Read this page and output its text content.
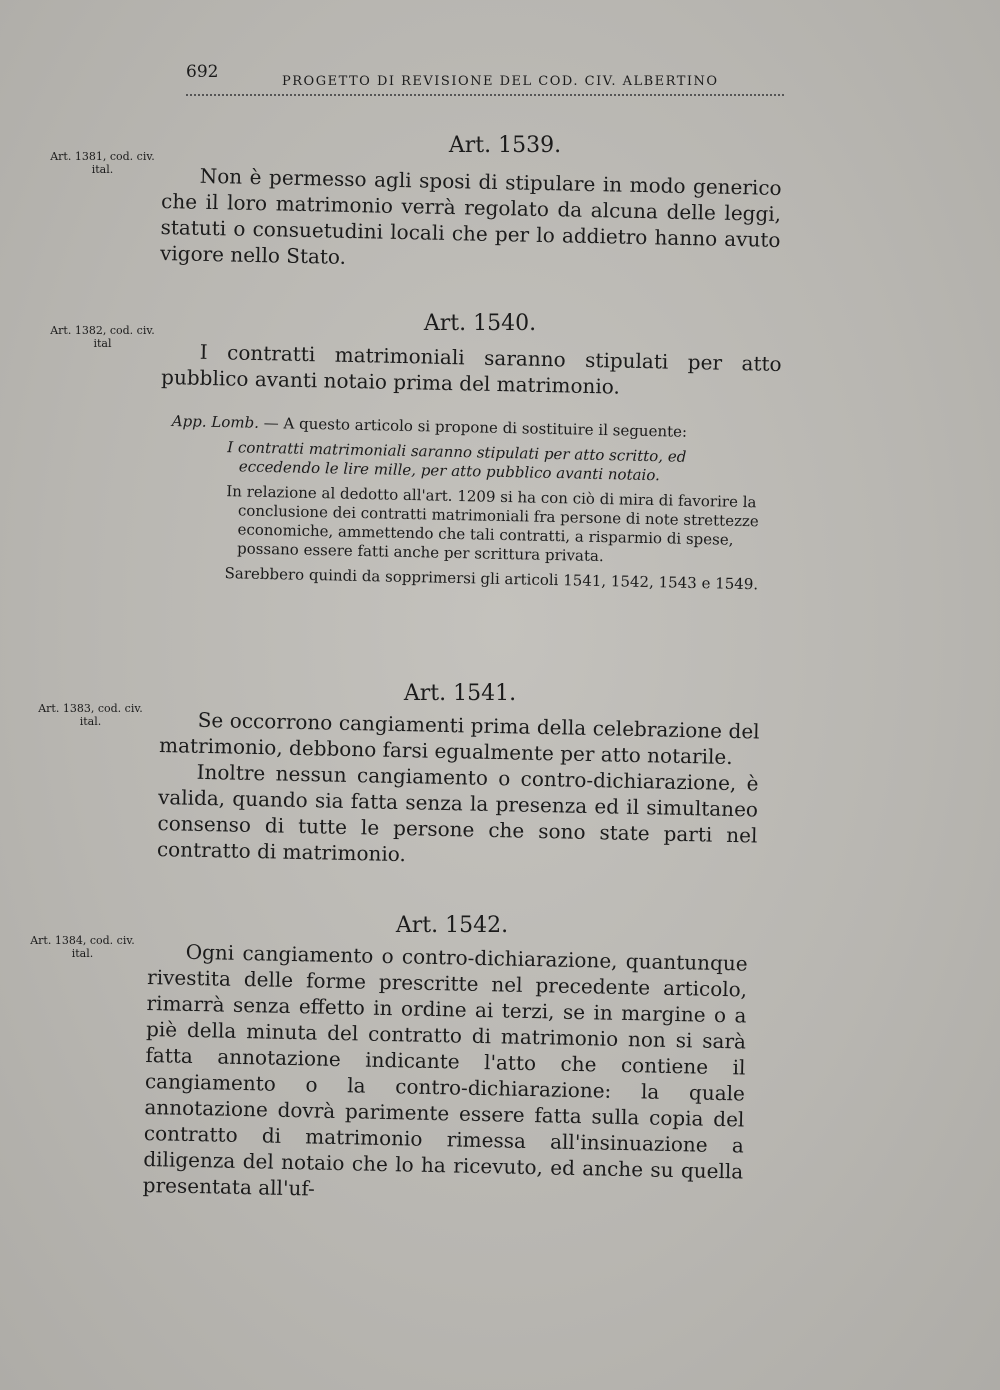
692	PROGETTO DI REVISIONE DEL COD. CIV. ALBERTINO
Art. 1381, cod. civ. ital.
Art. 1539.

Non è permesso agli sposi di stipulare in modo generico che il loro matrimonio verrà regolato da alcuna delle leggi, statuti o consuetudini locali che per lo addietro hanno avuto vigore nello Stato.

Art. 1382, cod. civ. ital
Art. 1540.

I contratti matrimoniali saranno stipulati per atto pubblico avanti notaio prima del matrimonio.

App. Lomb. — A questo articolo si propone di sostituire il seguente:

I contratti matrimoniali saranno stipulati per atto scritto, ed eccedendo le lire mille, per atto pubblico avanti notaio.

In relazione al dedotto all'art. 1209 si ha con ciò di mira di favorire la conclusione dei contratti matrimoniali fra persone di note strettezze economiche, ammettendo che tali contratti, a risparmio di spese, possano essere fatti anche per scrittura privata.

Sarebbero quindi da sopprimersi gli articoli 1541, 1542, 1543 e 1549.

Art. 1383, cod. civ. ital.
Art. 1541.

Se occorrono cangiamenti prima della celebrazione del matrimonio, debbono farsi egualmente per atto notarile.

Inoltre nessun cangiamento o contro-dichiarazione, è valida, quando sia fatta senza la presenza ed il simultaneo consenso di tutte le persone che sono state parti nel contratto di matrimonio.

Art. 1384, cod. civ. ital.
Art. 1542.

Ogni cangiamento o contro-dichiarazione, quantunque rivestita delle forme prescritte nel precedente articolo, rimarrà senza effetto in ordine ai terzi, se in margine o a piè della minuta del contratto di matrimonio non si sarà fatta annotazione indicante l'atto che contiene il cangiamento o la contro-dichiarazione: la quale annotazione dovrà parimente essere fatta sulla copia del contratto di matrimonio rimessa all'insinuazione a diligenza del notaio che lo ha ricevuto, ed anche su quella presentata all'uf-
